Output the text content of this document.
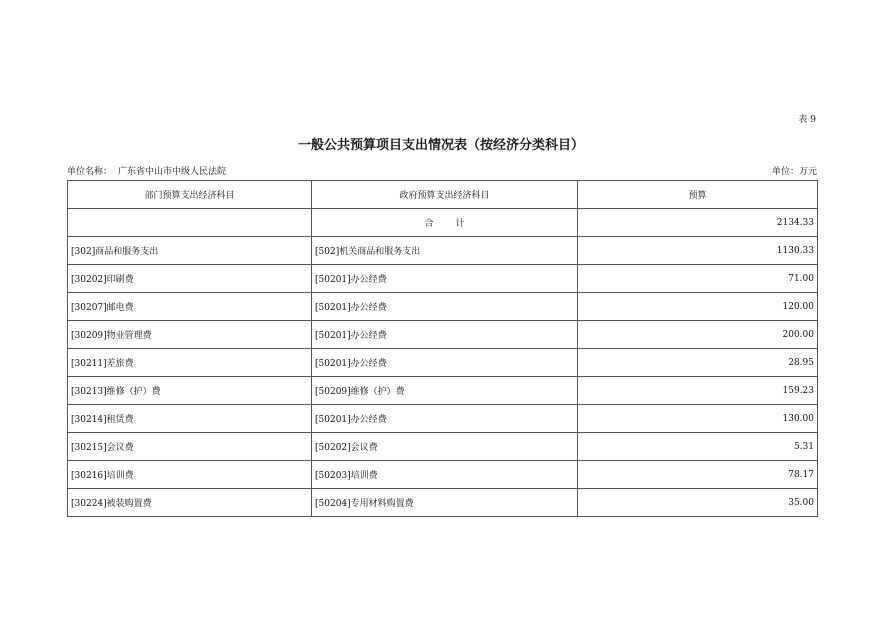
表 9
一般公共预算项目支出情况表（按经济分类科目）
单位名称： 广东省中山市中级人民法院	单位：万元
部门预算支出经济科目	政府预算支出经济科目	预算
	合 计	2134.33
[302]商品和服务支出	[502]机关商品和服务支出	1130.33
[30202]印刷费	[50201]办公经费	71.00
[30207]邮电费	[50201]办公经费	120.00
[30209]物业管理费	[50201]办公经费	200.00
[30211]差旅费	[50201]办公经费	28.95
[30213]维修（护）费	[50209]维修（护）费	159.23
[30214]租赁费	[50201]办公经费	130.00
[30215]会议费	[50202]会议费	5.31
[30216]培训费	[50203]培训费	78.17
[30224]被装购置费	[50204]专用材料购置费	35.00
